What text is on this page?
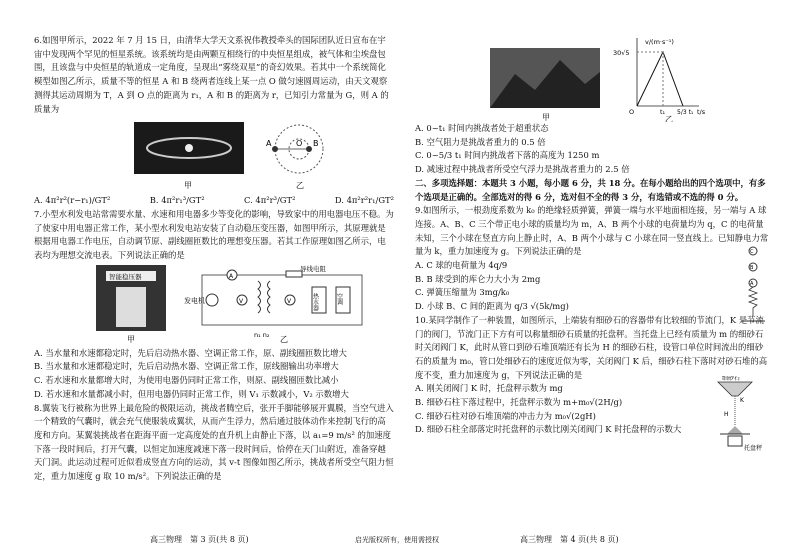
6.如图甲所示，2022 年 7 月 15 日，由清华大学天文系祝伟教授牵头的国际团队近日宣布在宇宙中发现两个罕见的恒星系统。该系统均是由两颗互相绕行的中央恒星组成，被气体和尘埃盘包围，且该盘与中央恒星的轨道成一定角度，呈现出“雾绕双星”的奇幻效果。若其中一个系统简化模型如图乙所示，质量不等的恒星 A 和 B 绕两者连线上某一点 O 做匀速圆周运动，由天文观察测得其运动周期为 T，A 到 O 点的距离为 r₁，A 和 B 的距离为 r，已知引力常量为 G，则 A 的质量为

甲
A	O B
乙
A. 4π²r²(r−r₁)/GT²	B. 4π²r₁³/GT²	C. 4π²r³/GT²	D. 4π²r²r₁/GT²

7.小型水利发电站常需要水量、水速和用电器多少等变化的影响，导致家中的用电器电压不稳。为了使家中用电器正常工作，某小型水利发电站安装了自动稳压变压器，如图甲所示，其原理就是根据用电器工作电压，自动调节原、副线圈匝数比的理想变压器。若其工作原理如图乙所示，电表均为理想交流电表。下列说法正确的是

智能稳压器
甲
发电机
A
V
n₁ n₂
导线电阻
V	热水器	空调
乙

A. 当水量和水速都稳定时，先后启动热水器、空调正常工作，原、副线圈匝数比增大

B. 当水量和水速都稳定时，先后启动热水器、空调正常工作，原线圈输出功率增大

C. 若水速和水量都增大时，为使用电器仍同时正常工作，则原、副线圈匝数比减小

D. 若水速和水量都减小时，但用电器仍同时正常工作，则 V₁ 示数减小，V₂ 示数增大

8.翼装飞行被称为世界上最危险的极限运动，挑战者腾空后，张开手脚能够展开翼膜，当空气进入一个精致的气囊时，就会充气使服装成翼状，从而产生浮力，然后通过肢体动作来控制飞行的高度和方向。某翼装挑战者在距海平面一定高度处的直升机上由静止下落，以 a₁=9 m/s² 的加速度下落一段时间后，打开气囊，以恒定加速度减速下落一段时间后，恰停在天门山附近，准备穿越天门洞。此运动过程可近似看成竖直方向的运动，其 v-t 图像如图乙所示，挑战者所受空气阻力恒定，重力加速度 g 取 10 m/s²。下列说法正确的是

甲
v/(m·s⁻¹)
30√5
O	t₁ 5/3 t₁ t/s
乙

A. 0~t₁ 时间内挑战者处于超重状态

B. 空气阻力是挑战者重力的 0.5 倍

C. 0~5/3 t₁ 时间内挑战者下落的高度为 1250 m

D. 减速过程中挑战者所受空气浮力是挑战者重力的 2.5 倍

二、多项选择题：本题共 3 小题，每小题 6 分，共 18 分。在每小题给出的四个选项中，有多个选项是正确的。全部选对的得 6 分，选对但不全的得 3 分，有选错或不选的得 0 分。

9.如图所示，一根劲度系数为 k₀ 的绝缘轻质弹簧，弹簧一端与水平地面相连接，另一端与 A 球连接。A、B、C 三个带正电小球的质量均为 m，A、B 两个小球的电荷量均为 q，C 的电荷量未知，三个小球在竖直方向上静止时，A、B 两个小球与 C 小球在同一竖直线上。已知静电力常量为 k，重力加速度为 g。下列说法正确的是

A. C 球的电荷量为 4q/9

B. B 球受到的库仑力大小为 2mg

C. 弹簧压缩量为 3mg/k₀

D. 小球 B、C 间的距离为 q/3 √(5k/mg)

C
B
A

10.某同学制作了一种装置，如图所示，上端装有细砂石的容器带有比较细的节流门，K 是节流门的阀门，节流门正下方有可以称量细砂石质量的托盘秤。当托盘上已经有质量为 m 的细砂石时关闭阀门 K，此时从管口到砂石堆顶端还有长为 H 的细砂石柱，设管口单位时间流出的细砂石的质量为 m₀，管口处细砂石的速度近似为零，关闭阀门 K 后，细砂石柱下落时对砂石堆的高度不变，重力加速度为 g，下列说法正确的是

A. 刚关闭阀门 K 时，托盘秤示数为 mg

B. 细砂石柱下落过程中，托盘秤示数为 m+m₀√(2H/g)

C. 细砂石柱对砂石堆顶端的冲击力为 m₀√(2gH)

D. 细砂石柱全部落定时托盘秤的示数比刚关闭阀门 K 时托盘秤的示数大

细砂石
K
H
托盘秤
高三物理　第 3 页(共 8 页)	启光版权所有，使用需授权	高三物理　第 4 页(共 8 页)
